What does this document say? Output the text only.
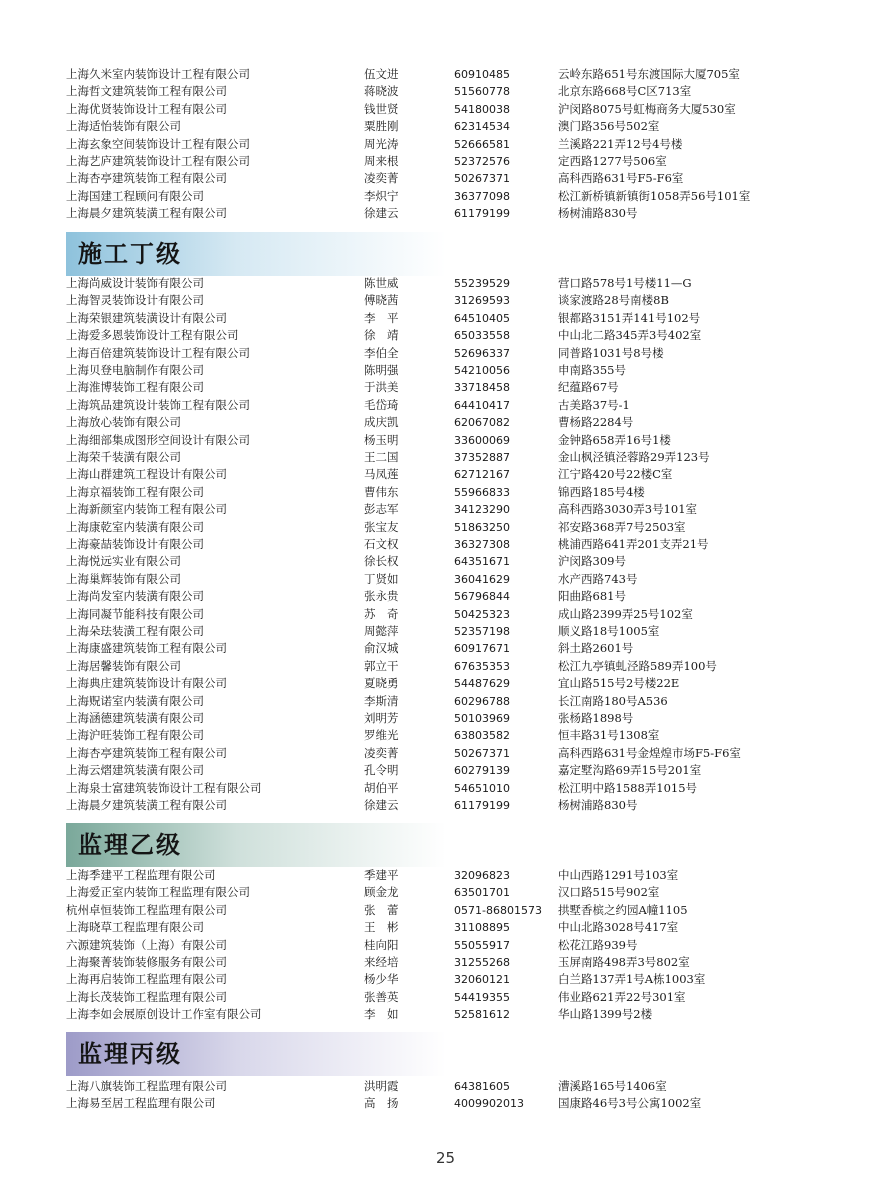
上海久米室内装饰设计工程有限公司	伍文进	60910485	云岭东路651号东渡国际大厦705室
上海哲文建筑装饰工程有限公司	蒋晓波	51560778	北京东路668号C区713室
上海优贤装饰设计工程有限公司	钱世贤	54180038	沪闵路8075号虹梅商务大厦530室
上海适怡装饰有限公司	粟胜刚	62314534	澳门路356号502室
上海玄象空间装饰设计工程有限公司	周光涛	52666581	兰溪路221弄12号4号楼
上海艺庐建筑装饰设计工程有限公司	周来根	52372576	定西路1277号506室
上海杏亭建筑装饰工程有限公司	凌奕菁	50267371	高科西路631号F5-F6室
上海国建工程顾问有限公司	李炽宁	36377098	松江新桥镇新镇街1058弄56号101室
上海晨夕建筑装潢工程有限公司	徐建云	61179199	杨树浦路830号
施工丁级
上海尚威设计装饰有限公司	陈世威	55239529	营口路578号1号楼11—G
上海智灵装饰设计有限公司	傅晓茜	31269593	谈家渡路28号南楼8B
上海荣银建筑装潢设计有限公司	李　平	64510405	银都路3151弄141号102号
上海爱多恩装饰设计工程有限公司	徐　靖	65033558	中山北二路345弄3号402室
上海百倍建筑装饰设计工程有限公司	李伯全	52696337	同普路1031号8号楼
上海贝登电脑制作有限公司	陈明强	54210056	申南路355号
上海淮博装饰工程有限公司	于洪美	33718458	纪蕴路67号
上海筑品建筑设计装饰工程有限公司	毛岱琦	64410417	古美路37号-1
上海放心装饰有限公司	成庆凯	62067082	曹杨路2284号
上海细部集成图形空间设计有限公司	杨玉明	33600069	金钟路658弄16号1楼
上海荣千装潢有限公司	王二国	37352887	金山枫泾镇泾蓉路29弄123号
上海山群建筑工程设计有限公司	马凤莲	62712167	江宁路420号22楼C室
上海京福装饰工程有限公司	曹伟东	55966833	锦西路185号4楼
上海新颜室内装饰工程有限公司	彭志军	34123290	高科西路3030弄3号101室
上海康乾室内装潢有限公司	张宝友	51863250	祁安路368弄7号2503室
上海豪喆装饰设计有限公司	石文权	36327308	桃浦西路641弄201支弄21号
上海悦远实业有限公司	徐长权	64351671	沪闵路309号
上海巢辉装饰有限公司	丁贤如	36041629	水产西路743号
上海尚发室内装潢有限公司	张永贵	56796844	阳曲路681号
上海同凝节能科技有限公司	苏　奇	50425323	成山路2399弄25号102室
上海朵珐装潢工程有限公司	周懿萍	52357198	顺义路18号1005室
上海康盛建筑装饰工程有限公司	俞汉城	60917671	斜土路2601号
上海居馨装饰有限公司	郭立干	67635353	松江九亭镇虬泾路589弄100号
上海典庄建筑装饰设计有限公司	夏晓勇	54487629	宜山路515号2号楼22E
上海贶诺室内装潢有限公司	李斯清	60296788	长江南路180号A536
上海涵德建筑装潢有限公司	刘明芳	50103969	张杨路1898号
上海沪旺装饰工程有限公司	罗维光	63803582	恒丰路31号1308室
上海杏亭建筑装饰工程有限公司	凌奕菁	50267371	高科西路631号金煌煌市场F5-F6室
上海云熠建筑装潢有限公司	孔令明	60279139	嘉定墅沟路69弄15号201室
上海泉士富建筑装饰设计工程有限公司	胡伯平	54651010	松江明中路1588弄1015号
上海晨夕建筑装潢工程有限公司	徐建云	61179199	杨树浦路830号
监理乙级
上海季建平工程监理有限公司	季建平	32096823	中山西路1291号103室
上海爱正室内装饰工程监理有限公司	顾金龙	63501701	汉口路515号902室
杭州卓恒装饰工程监理有限公司	张　蕾	0571-86801573 拱墅香槟之约园A幢1105
上海晓草工程监理有限公司	王　彬	31108895	中山北路3028号417室
六源建筑装饰（上海）有限公司	桂向阳	55055917	松花江路939号
上海聚菁装饰装修服务有限公司	来经培	31255268	玉屏南路498弄3号802室
上海再启装饰工程监理有限公司	杨少华	32060121	白兰路137弄1号A栋1003室
上海长茂装饰工程监理有限公司	张善英	54419355	伟业路621弄22号301室
上海李如会展原创设计工作室有限公司	李　如	52581612	华山路1399号2楼
监理丙级
上海八旗装饰工程监理有限公司	洪明霞	64381605	漕溪路165号1406室
上海易至居工程监理有限公司	高　扬	4009902013	国康路46号3号公寓1002室
25
